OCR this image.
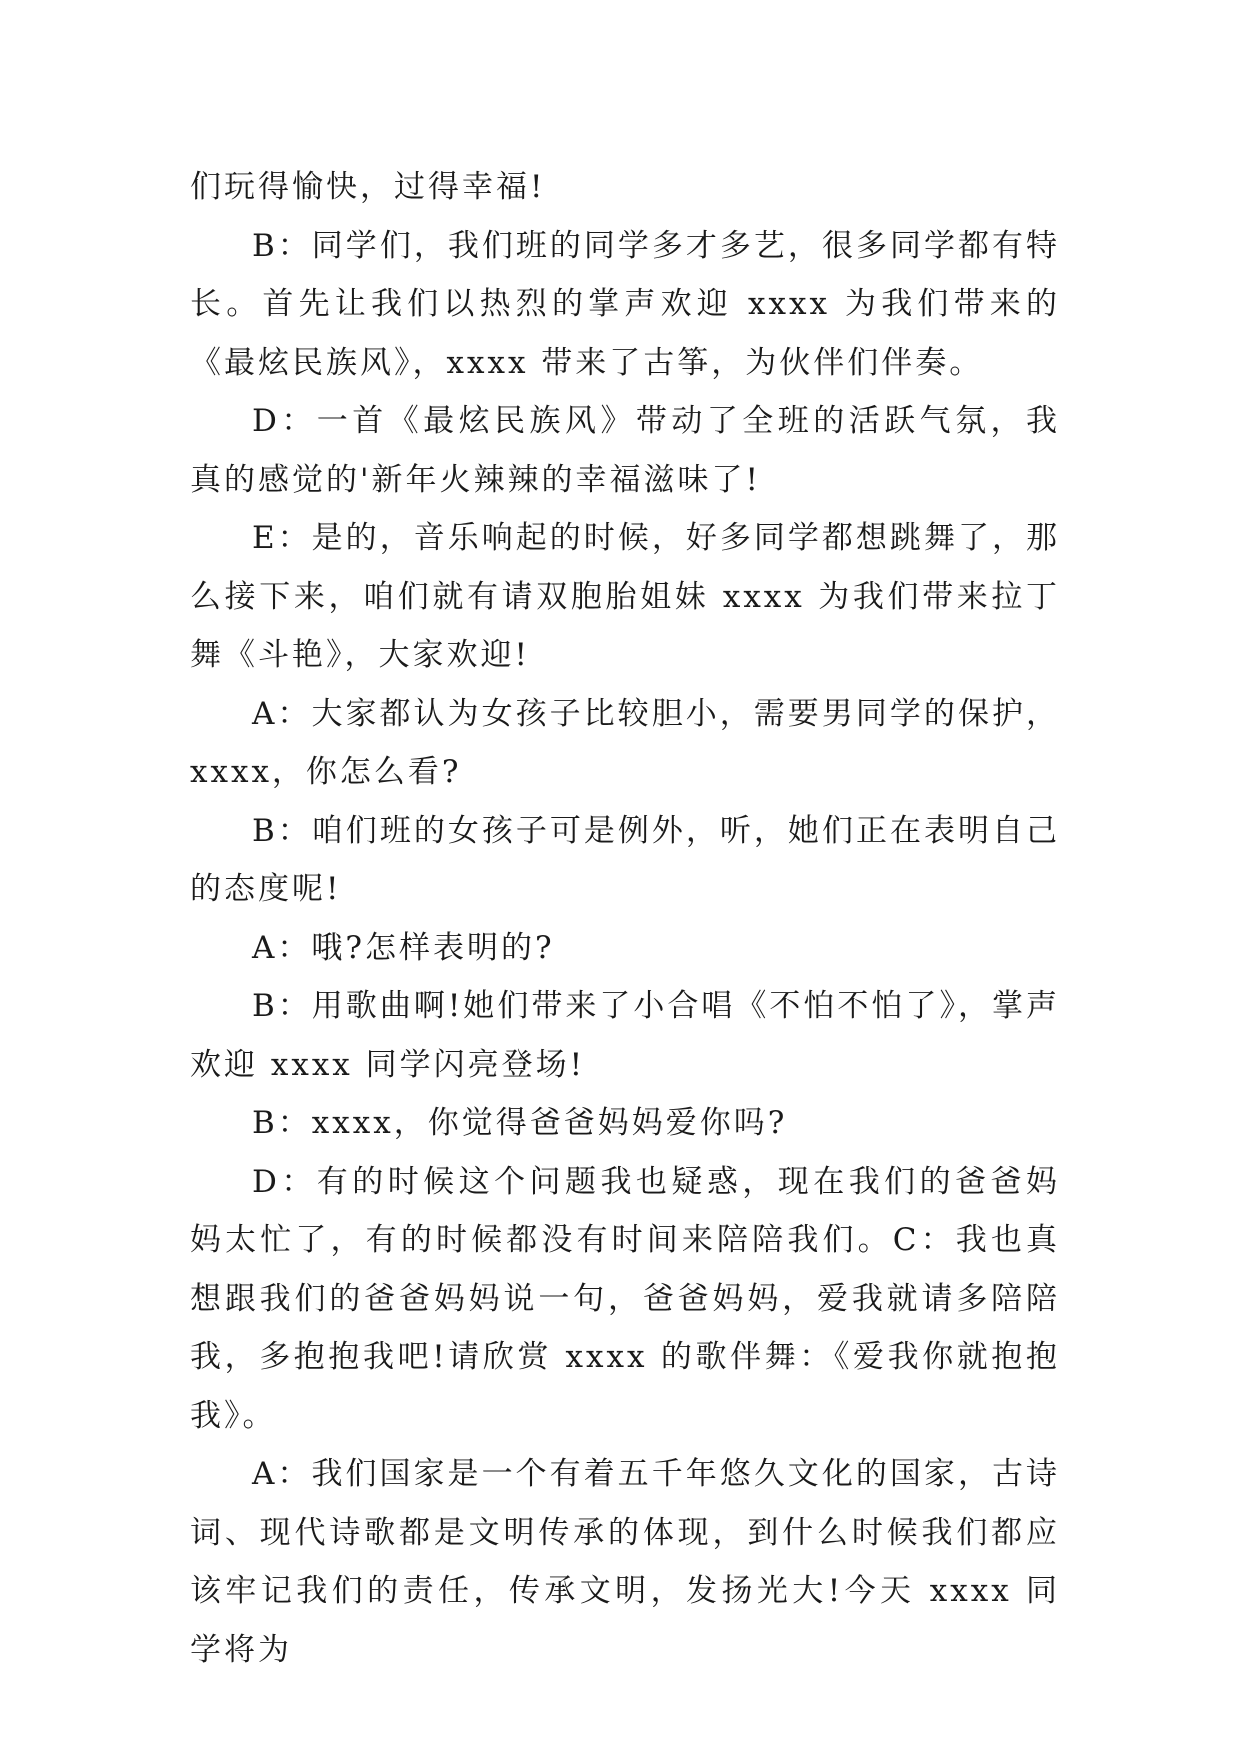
们玩得愉快，过得幸福!

B：同学们，我们班的同学多才多艺，很多同学都有特长。首先让我们以热烈的掌声欢迎 xxxx 为我们带来的《最炫民族风》，xxxx 带来了古筝，为伙伴们伴奏。

D：一首《最炫民族风》带动了全班的活跃气氛，我真的感觉的'新年火辣辣的幸福滋味了!

E：是的，音乐响起的时候，好多同学都想跳舞了，那么接下来，咱们就有请双胞胎姐妹 xxxx 为我们带来拉丁舞《斗艳》，大家欢迎!

A：大家都认为女孩子比较胆小，需要男同学的保护，xxxx，你怎么看?

B：咱们班的女孩子可是例外，听，她们正在表明自己的态度呢!

A：哦?怎样表明的?

B：用歌曲啊!她们带来了小合唱《不怕不怕了》，掌声欢迎 xxxx 同学闪亮登场!

B：xxxx，你觉得爸爸妈妈爱你吗?

D：有的时候这个问题我也疑惑，现在我们的爸爸妈妈太忙了，有的时候都没有时间来陪陪我们。C：我也真想跟我们的爸爸妈妈说一句，爸爸妈妈，爱我就请多陪陪我，多抱抱我吧!请欣赏 xxxx 的歌伴舞：《爱我你就抱抱我》。

A：我们国家是一个有着五千年悠久文化的国家，古诗词、现代诗歌都是文明传承的体现，到什么时候我们都应该牢记我们的责任，传承文明，发扬光大!今天 xxxx 同学将为
